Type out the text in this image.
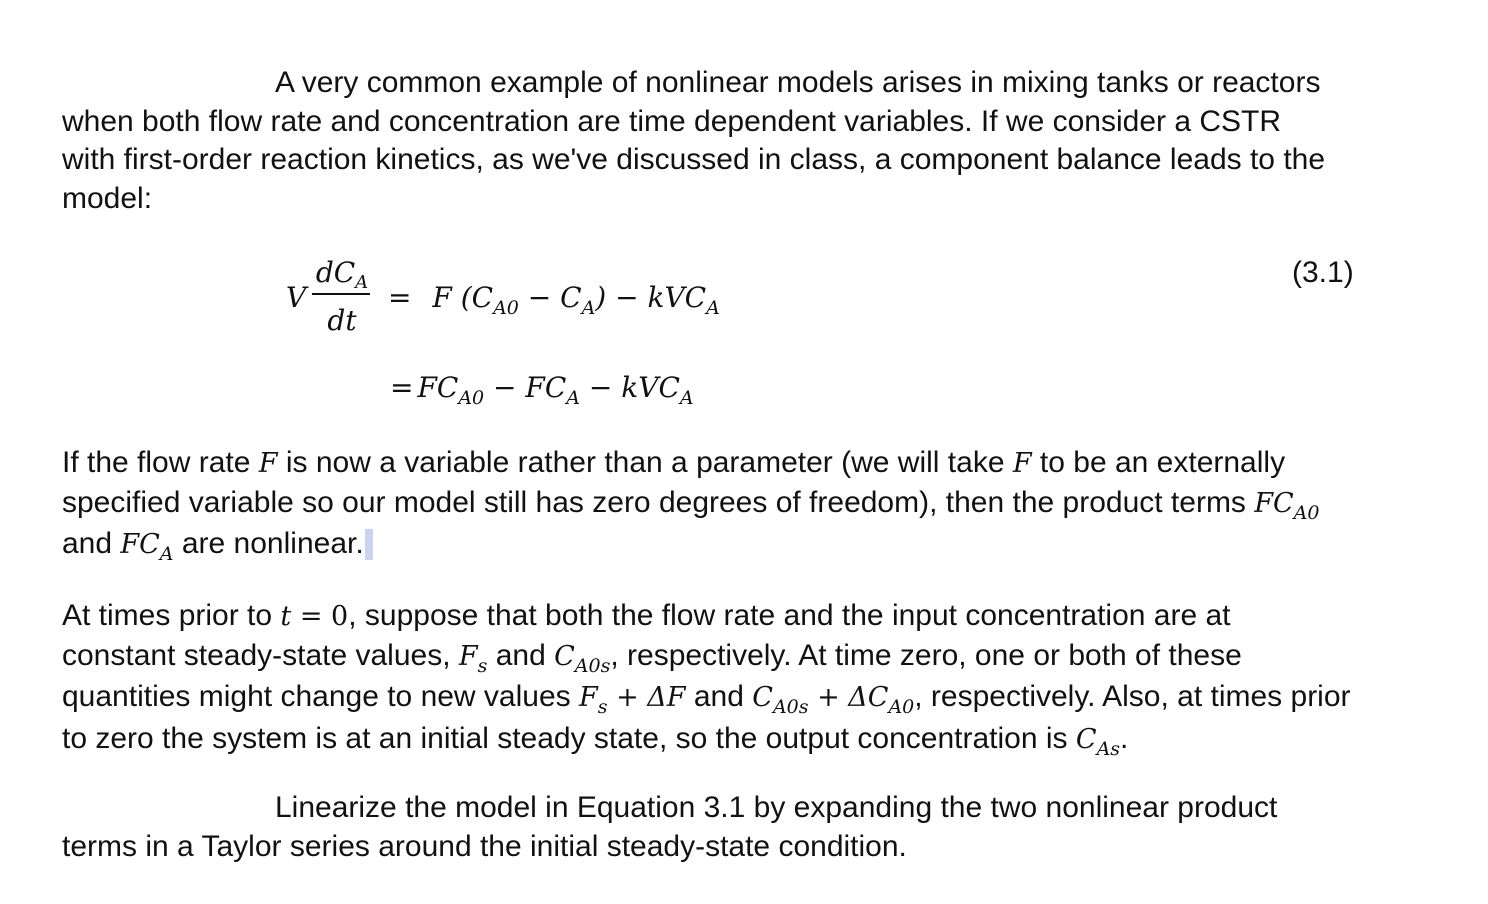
A very common example of nonlinear models arises in mixing tanks or reactors
when both flow rate and concentration are time dependent variables. If we consider a CSTR
with first-order reaction kinetics, as we've discussed in class, a component balance leads to the
model:
V
$dC_A$
dt
= F $(C_{A0} - C_A) - kVC_A$
= $FC_{A0} - FC_A - kVC_A$
(3.1)
If the flow rate F is now a variable rather than a parameter (we will take F to be an externally
specified variable so our model still has zero degrees of freedom), then the product terms $FC_{A0}$
and $FC_A$ are nonlinear.
At times prior to t = 0, suppose that both the flow rate and the input concentration are at
constant steady-state values, $F_s$ and $C_{A0s}$, respectively. At time zero, one or both of these
quantities might change to new values $F_s + \Delta F$ and $C_{A0s} + \Delta C_{A0}$, respectively. Also, at times prior
to zero the system is at an initial steady state, so the output concentration is $C_{As}$.
Linearize the model in Equation 3.1 by expanding the two nonlinear product
terms in a Taylor series around the initial steady-state condition.
